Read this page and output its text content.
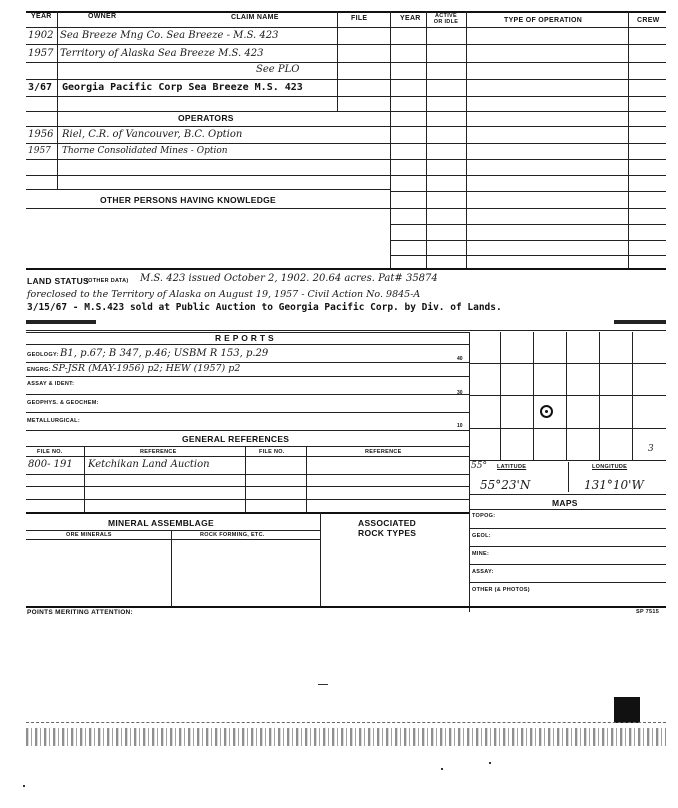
YEAR	OWNER	CLAIM NAME	FILE	YEAR	ACTIVE OR IDLE	TYPE OF OPERATION	CREW
1902 Sea Breeze Mng Co. Sea Breeze - M.S. 423
1957 Territory of Alaska Sea Breeze M.S. 423
See PLO
3/67 Georgia Pacific Corp Sea Breeze M.S. 423
OPERATORS
1956 Riel, C.R. of Vancouver, B.C. Option
1957 Thorne Consolidated Mines - Option
OTHER PERSONS HAVING KNOWLEDGE
LAND STATUS
(OTHER DATA) M.S. 423 issued October 2, 1902. 20.64 acres. Pat# 35874
foreclosed to the Territory of Alaska on August 19, 1957 - Civil Action No. 9845-A
3/15/67 - M.S.423 sold at Public Auction to Georgia Pacific Corp. by Div. of Lands.
R E P O R T S
GEOLOGY: B1, p.67; B 347, p.46; USBM R 153, p.29	40
ENGRG: SP-JSR (MAY-1956) p2; HEW (1957) p2
ASSAY & IDENT:
30
GEOPHYS. & GEOCHEM:
METALLURGICAL:
10
GENERAL REFERENCES
FILE NO.	REFERENCE	FILE NO.	REFERENCE
800- 191 Ketchikan Land Auction
MINERAL ASSEMBLAGE
ORE MINERALS	ROCK FORMING, ETC.
ASSOCIATED
ROCK TYPES
3
55° LATITUDE	LONGITUDE
55°23'N	131°10'W
MAPS
TOPOG:
GEOL:
MINE:
ASSAY:
OTHER (& PHOTOS)
POINTS MERITING ATTENTION:	SP 7515
